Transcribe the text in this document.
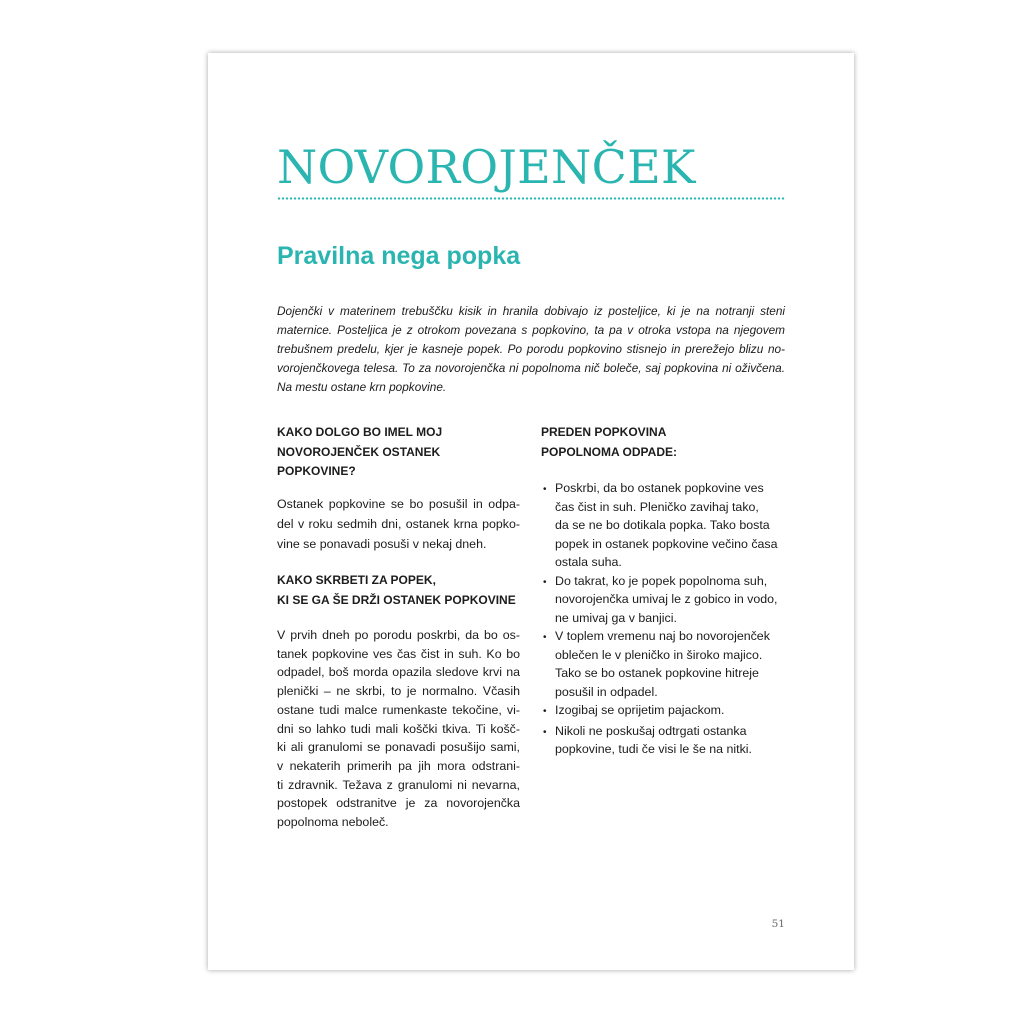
NOVOROJENČEK
Pravilna nega popka
Dojenčki v materinem trebuščku kisik in hranila dobivajo iz posteljice, ki je na notranji steni
maternice. Posteljica je z otrokom povezana s popkovino, ta pa v otroka vstopa na njegovem
trebušnem predelu, kjer je kasneje popek. Po porodu popkovino stisnejo in prerežejo blizu no-
vorojenčkovega telesa. To za novorojenčka ni popolnoma nič boleče, saj popkovina ni oživčena.
Na mestu ostane krn popkovine.
KAKO DOLGO BO IMEL MOJ
NOVOROJENČEK OSTANEK
POPKOVINE?
Ostanek popkovine se bo posušil in odpa-
del v roku sedmih dni, ostanek krna popko-
vine se ponavadi posuši v nekaj dneh.
KAKO SKRBETI ZA POPEK,
KI SE GA ŠE DRŽI OSTANEK POPKOVINE
V prvih dneh po porodu poskrbi, da bo os-
tanek popkovine ves čas čist in suh. Ko bo
odpadel, boš morda opazila sledove krvi na
plenički – ne skrbi, to je normalno. Včasih
ostane tudi malce rumenkaste tekočine, vi-
dni so lahko tudi mali koščki tkiva. Ti košč-
ki ali granulomi se ponavadi posušijo sami,
v nekaterih primerih pa jih mora odstrani-
ti zdravnik. Težava z granulomi ni nevarna,
postopek odstranitve je za novorojenčka
popolnoma neboleč.
PREDEN POPKOVINA
POPOLNOMA ODPADE:
• Poskrbi, da bo ostanek popkovine ves
čas čist in suh. Pleničko zavihaj tako,
da se ne bo dotikala popka. Tako bosta
popek in ostanek popkovine večino časa
ostala suha.
• Do takrat, ko je popek popolnoma suh,
novorojenčka umivaj le z gobico in vodo,
ne umivaj ga v banjici.
• V toplem vremenu naj bo novorojenček
oblečen le v pleničko in široko majico.
Tako se bo ostanek popkovine hitreje
posušil in odpadel.
• Izogibaj se oprijetim pajackom.
• Nikoli ne poskušaj odtrgati ostanka
popkovine, tudi če visi le še na nitki.
51
